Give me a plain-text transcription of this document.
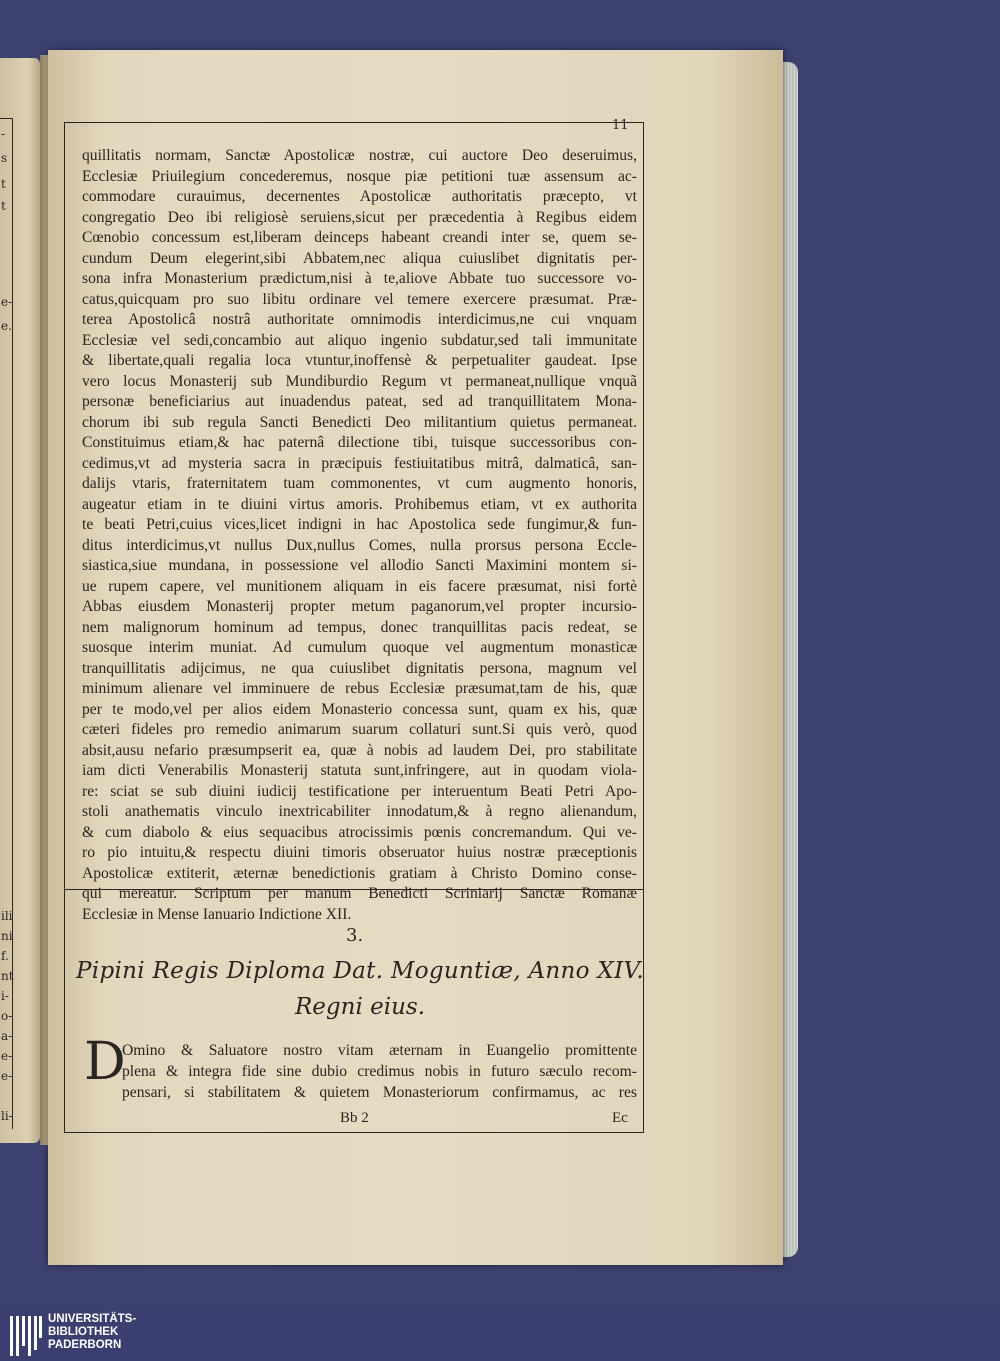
-
s
t
t
e-
e.
ili
ni
f.
nt
i-
o-
a-
e-
e-
li-
11
quillitatis normam, Sanctæ Apostolicæ nostræ, cui auctore Deo deseruimus,
Ecclesiæ Priuilegium concederemus, nosque piæ petitioni tuæ assensum ac-
commodare curauimus, decernentes Apostolicæ authoritatis præcepto, vt
congregatio Deo ibi religiosè seruiens,sicut per præcedentia à Regibus eidem
Cœnobio concessum est,liberam deinceps habeant creandi inter se, quem se-
cundum Deum elegerint,sibi Abbatem,nec aliqua cuiuslibet dignitatis per-
sona infra Monasterium prædictum,nisi à te,aliove Abbate tuo successore vo-
catus,quicquam pro suo libitu ordinare vel temere exercere præsumat. Præ-
terea Apostolicâ nostrâ authoritate omnimodis interdicimus,ne cui vnquam
Ecclesiæ vel sedi,concambio aut aliquo ingenio subdatur,sed tali immunitate
& libertate,quali regalia loca vtuntur,inoffensè & perpetualiter gaudeat. Ipse
vero locus Monasterij sub Mundiburdio Regum vt permaneat,nullique vnquã
personæ beneficiarius aut inuadendus pateat, sed ad tranquillitatem Mona-
chorum ibi sub regula Sancti Benedicti Deo militantium quietus permaneat.
Constituimus etiam,& hac paternâ dilectione tibi, tuisque successoribus con-
cedimus,vt ad mysteria sacra in præcipuis festiuitatibus mitrâ, dalmaticâ, san-
dalijs vtaris, fraternitatem tuam commonentes, vt cum augmento honoris,
augeatur etiam in te diuini virtus amoris. Prohibemus etiam, vt ex authorita
te beati Petri,cuius vices,licet indigni in hac Apostolica sede fungimur,& fun-
ditus interdicimus,vt nullus Dux,nullus Comes, nulla prorsus persona Eccle-
siastica,siue mundana, in possessione vel allodio Sancti Maximini montem si-
ue rupem capere, vel munitionem aliquam in eis facere præsumat, nisi fortè
Abbas eiusdem Monasterij propter metum paganorum,vel propter incursio-
nem malignorum hominum ad tempus, donec tranquillitas pacis redeat, se
suosque interim muniat. Ad cumulum quoque vel augmentum monasticæ
tranquillitatis adijcimus, ne qua cuiuslibet dignitatis persona, magnum vel
minimum alienare vel imminuere de rebus Ecclesiæ præsumat,tam de his, quæ
per te modo,vel per alios eidem Monasterio concessa sunt, quam ex his, quæ
cæteri fideles pro remedio animarum suarum collaturi sunt.Si quis verò, quod
absit,ausu nefario præsumpserit ea, quæ à nobis ad laudem Dei, pro stabilitate
iam dicti Venerabilis Monasterij statuta sunt,infringere, aut in quodam viola-
re: sciat se sub diuini iudicij testificatione per interuentum Beati Petri Apo-
stoli anathematis vinculo inextricabiliter innodatum,& à regno alienandum,
& cum diabolo & eius sequacibus atrocissimis pœnis concremandum. Qui ve-
ro pio intuitu,& respectu diuini timoris obseruator huius nostræ præceptionis
Apostolicæ extiterit, æternæ benedictionis gratiam à Christo Domino conse-
qui mereatur. Scriptum per manum Benedicti Scriniarij Sanctæ Romanæ
Ecclesiæ in Mense Ianuario Indictione XII.
3.
Pipini Regis Diploma Dat. Moguntiæ, Anno XIV.
Regni eius.
D
Omino & Saluatore nostro vitam æternam in Euangelio promittente
plena & integra fide sine dubio credimus nobis in futuro sæculo recom-
pensari, si stabilitatem & quietem Monasteriorum confirmamus, ac res
Bb 2	Ec
UNIVERSITÄTS-
BIBLIOTHEK
PADERBORN
